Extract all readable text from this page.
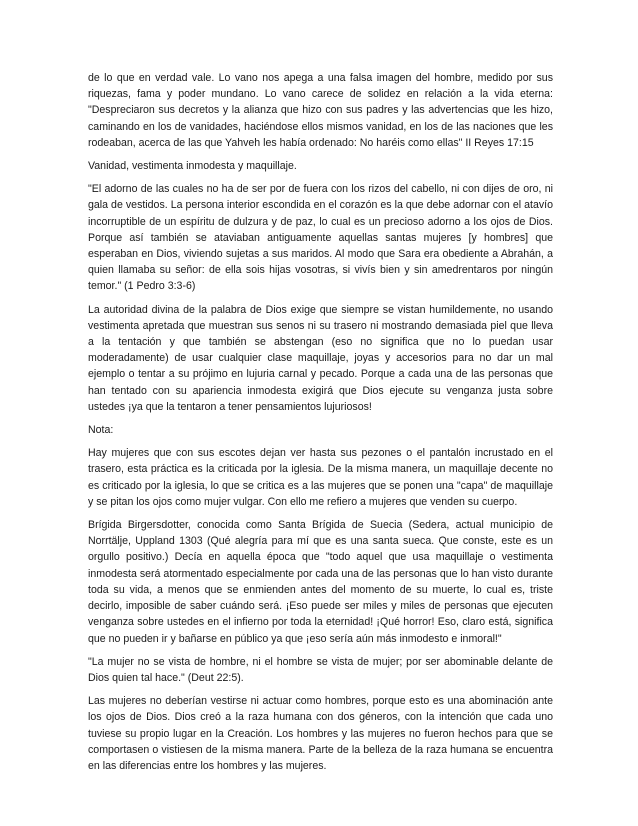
de lo que en verdad vale. Lo vano nos apega a una falsa imagen del hombre, medido por sus riquezas, fama y poder mundano. Lo vano carece de solidez en relación a la vida eterna: "Despreciaron sus decretos y la alianza que hizo con sus padres y las advertencias que les hizo, caminando en los de vanidades, haciéndose ellos mismos vanidad, en los de las naciones que les rodeaban, acerca de las que Yahveh les había ordenado: No haréis como ellas" II Reyes 17:15

Vanidad, vestimenta inmodesta y maquillaje.

"El adorno de las cuales no ha de ser por de fuera con los rizos del cabello, ni con dijes de oro, ni gala de vestidos. La persona interior escondida en el corazón es la que debe adornar con el atavío incorruptible de un espíritu de dulzura y de paz, lo cual es un precioso adorno a los ojos de Dios. Porque así también se ataviaban antiguamente aquellas santas mujeres [y hombres] que esperaban en Dios, viviendo sujetas a sus maridos. Al modo que Sara era obediente a Abrahán, a quien llamaba su señor: de ella sois hijas vosotras, si vivís bien y sin amedrentaros por ningún temor." (1 Pedro 3:3-6)

La autoridad divina de la palabra de Dios exige que siempre se vistan humildemente, no usando vestimenta apretada que muestran sus senos ni su trasero ni mostrando demasiada piel que lleva a la tentación y que también se abstengan (eso no significa que no lo puedan usar moderadamente) de usar cualquier clase maquillaje, joyas y accesorios para no dar un mal ejemplo o tentar a su prójimo en lujuria carnal y pecado. Porque a cada una de las personas que han tentado con su apariencia inmodesta exigirá que Dios ejecute su venganza justa sobre ustedes ¡ya que la tentaron a tener pensamientos lujuriosos!

Nota:

Hay mujeres que con sus escotes dejan ver hasta sus pezones o el pantalón incrustado en el trasero, esta práctica es la criticada por la iglesia. De la misma manera, un maquillaje decente no es criticado por la iglesia, lo que se critica es a las mujeres que se ponen una "capa" de maquillaje y se pitan los ojos como mujer vulgar. Con ello me refiero a mujeres que venden su cuerpo.

Brígida Birgersdotter, conocida como Santa Brígida de Suecia (Sedera, actual municipio de Norrtälje, Uppland 1303 (Qué alegría para mí que es una santa sueca. Que conste, este es un orgullo positivo.) Decía en aquella época que "todo aquel que usa maquillaje o vestimenta inmodesta será atormentado especialmente por cada una de las personas que lo han visto durante toda su vida, a menos que se enmienden antes del momento de su muerte, lo cual es, triste decirlo, imposible de saber cuándo será. ¡Eso puede ser miles y miles de personas que ejecuten venganza sobre ustedes en el infierno por toda la eternidad! ¡Qué horror! Eso, claro está, significa que no pueden ir y bañarse en público ya que ¡eso sería aún más inmodesto e inmoral!"

"La mujer no se vista de hombre, ni el hombre se vista de mujer; por ser abominable delante de Dios quien tal hace." (Deut 22:5).

Las mujeres no deberían vestirse ni actuar como hombres, porque esto es una abominación ante los ojos de Dios. Dios creó a la raza humana con dos géneros, con la intención que cada uno tuviese su propio lugar en la Creación. Los hombres y las mujeres no fueron hechos para que se comportasen o vistiesen de la misma manera. Parte de la belleza de la raza humana se encuentra en las diferencias entre los hombres y las mujeres.
